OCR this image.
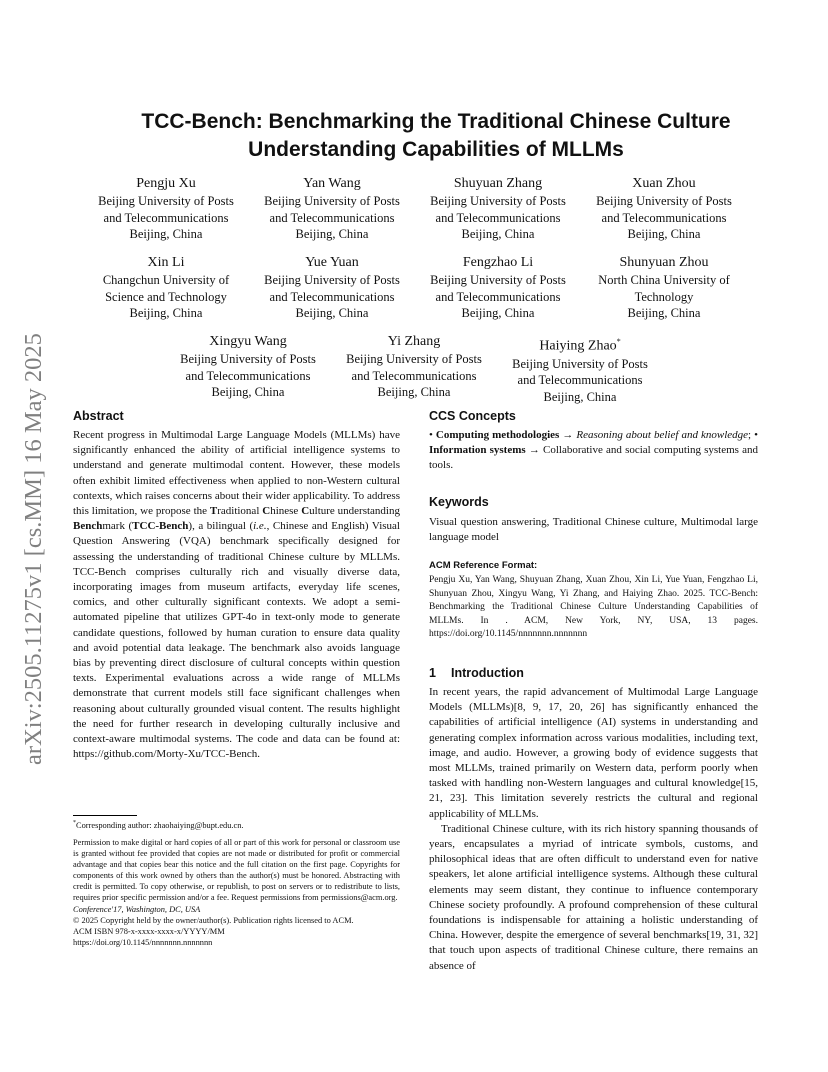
arXiv:2505.11275v1 [cs.MM] 16 May 2025
TCC-Bench: Benchmarking the Traditional Chinese Culture
Understanding Capabilities of MLLMs
Pengju Xu
Beijing University of Posts
and Telecommunications
Beijing, China
Yan Wang
Beijing University of Posts
and Telecommunications
Beijing, China
Shuyuan Zhang
Beijing University of Posts
and Telecommunications
Beijing, China
Xuan Zhou
Beijing University of Posts
and Telecommunications
Beijing, China
Xin Li
Changchun University of
Science and Technology
Beijing, China
Yue Yuan
Beijing University of Posts
and Telecommunications
Beijing, China
Fengzhao Li
Beijing University of Posts
and Telecommunications
Beijing, China
Shunyuan Zhou
North China University of
Technology
Beijing, China
Xingyu Wang
Beijing University of Posts
and Telecommunications
Beijing, China
Yi Zhang
Beijing University of Posts
and Telecommunications
Beijing, China
Haiying Zhao*
Beijing University of Posts
and Telecommunications
Beijing, China
Abstract

Recent progress in Multimodal Large Language Models (MLLMs) have significantly enhanced the ability of artificial intelligence systems to understand and generate multimodal content. However, these models often exhibit limited effectiveness when applied to non-Western cultural contexts, which raises concerns about their wider applicability. To address this limitation, we propose the Traditional Chinese Culture understanding Benchmark (TCC-Bench), a bilingual (i.e., Chinese and English) Visual Question Answering (VQA) benchmark specifically designed for assessing the understanding of traditional Chinese culture by MLLMs. TCC-Bench comprises culturally rich and visually diverse data, incorporating images from museum artifacts, everyday life scenes, comics, and other culturally significant contexts. We adopt a semi-automated pipeline that utilizes GPT-4o in text-only mode to generate candidate questions, followed by human curation to ensure data quality and avoid potential data leakage. The benchmark also avoids language bias by preventing direct disclosure of cultural concepts within question texts. Experimental evaluations across a wide range of MLLMs demonstrate that current models still face significant challenges when reasoning about culturally grounded visual content. The results highlight the need for further research in developing culturally inclusive and context-aware multimodal systems. The code and data can be found at: https://github.com/Morty-Xu/TCC-Bench.

*Corresponding author: zhaohaiying@bupt.edu.cn.
Permission to make digital or hard copies of all or part of this work for personal or classroom use is granted without fee provided that copies are not made or distributed for profit or commercial advantage and that copies bear this notice and the full citation on the first page. Copyrights for components of this work owned by others than the author(s) must be honored. Abstracting with credit is permitted. To copy otherwise, or republish, to post on servers or to redistribute to lists, requires prior specific permission and/or a fee. Request permissions from permissions@acm.org.
Conference'17, Washington, DC, USA
© 2025 Copyright held by the owner/author(s). Publication rights licensed to ACM.
ACM ISBN 978-x-xxxx-xxxx-x/YYYY/MM
https://doi.org/10.1145/nnnnnnn.nnnnnnn
CCS Concepts

• Computing methodologies → Reasoning about belief and knowledge; • Information systems → Collaborative and social computing systems and tools.

Keywords

Visual question answering, Traditional Chinese culture, Multimodal large language model

ACM Reference Format:

Pengju Xu, Yan Wang, Shuyuan Zhang, Xuan Zhou, Xin Li, Yue Yuan, Fengzhao Li, Shunyuan Zhou, Xingyu Wang, Yi Zhang, and Haiying Zhao. 2025. TCC-Bench: Benchmarking the Traditional Chinese Culture Understanding Capabilities of MLLMs. In . ACM, New York, NY, USA, 13 pages. https://doi.org/10.1145/nnnnnnn.nnnnnnn

1 Introduction

In recent years, the rapid advancement of Multimodal Large Language Models (MLLMs)[8, 9, 17, 20, 26] has significantly enhanced the capabilities of artificial intelligence (AI) systems in understanding and generating complex information across various modalities, including text, image, and audio. However, a growing body of evidence suggests that most MLLMs, trained primarily on Western data, perform poorly when tasked with handling non-Western languages and cultural knowledge[15, 21, 23]. This limitation severely restricts the cultural and regional applicability of MLLMs.

Traditional Chinese culture, with its rich history spanning thousands of years, encapsulates a myriad of intricate symbols, customs, and philosophical ideas that are often difficult to understand even for native speakers, let alone artificial intelligence systems. Although these cultural elements may seem distant, they continue to influence contemporary Chinese society profoundly. A profound comprehension of these cultural foundations is indispensable for attaining a holistic understanding of China. However, despite the emergence of several benchmarks[19, 31, 32] that touch upon aspects of traditional Chinese culture, there remains an absence of
